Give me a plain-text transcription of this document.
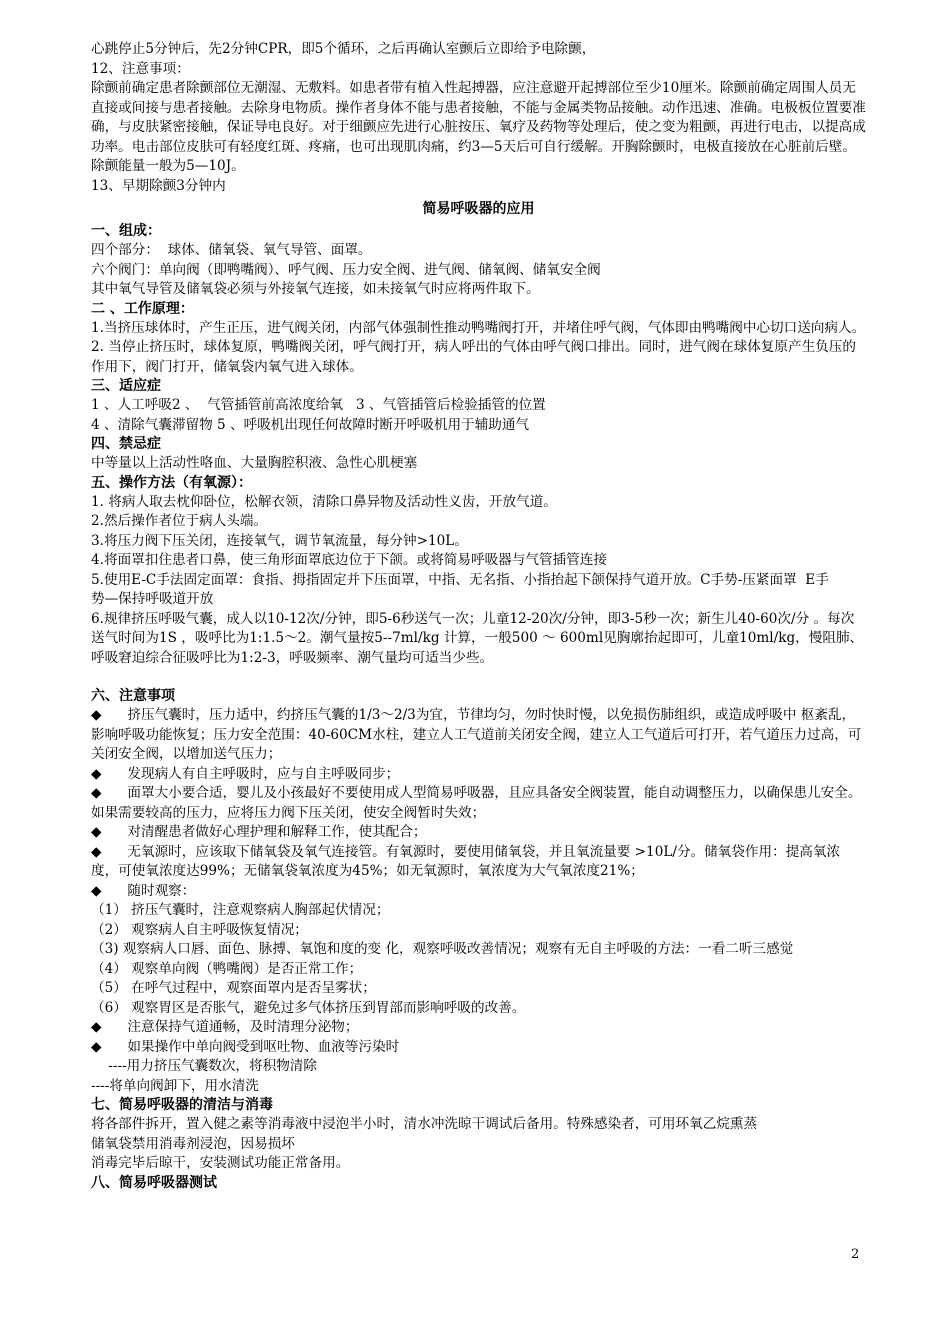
心跳停止5分钟后，先2分钟CPR，即5个循环，之后再确认室颤后立即给予电除颤，

12、注意事项：

除颤前确定患者除颤部位无潮湿、无敷料。如患者带有植入性起搏器，应注意避开起搏部位至少10厘米。除颤前确定周围人员无直接或间接与患者接触。去除身电物质。操作者身体不能与患者接触，不能与金属类物品接触。动作迅速、准确。电极板位置要准确，与皮肤紧密接触，保证导电良好。对于细颤应先进行心脏按压、氧疗及药物等处理后，使之变为粗颤，再进行电击，以提高成功率。电击部位皮肤可有轻度红斑、疼痛，也可出现肌肉痛，约3—5天后可自行缓解。开胸除颤时，电极直接放在心脏前后壁。除颤能量一般为5—10J。

13、早期除颤3分钟内

简易呼吸器的应用
一、组成：

四个部分：  球体、储氧袋、氧气导管、面罩。

六个阀门：单向阀（即鸭嘴阀）、呼气阀、压力安全阀、进气阀、储氧阀、储氧安全阀

其中氧气导管及储氧袋必须与外接氧气连接，如未接氧气时应将两件取下。

二 、工作原理：

1.当挤压球体时，产生正压，进气阀关闭，内部气体强制性推动鸭嘴阀打开，并堵住呼气阀，气体即由鸭嘴阀中心切口送向病人。

2. 当停止挤压时，球体复原，鸭嘴阀关闭，呼气阀打开，病人呼出的气体由呼气阀口排出。同时，进气阀在球体复原产生负压的作用下，阀门打开，储氧袋内氧气进入球体。

三、适应症

1 、人工呼吸2 、  气管插管前高浓度给氧   3 、气管插管后检验插管的位置

4 、清除气囊滞留物 5 、呼吸机出现任何故障时断开呼吸机用于辅助通气

四、禁忌症

中等量以上活动性咯血、大量胸腔积液、急性心肌梗塞

五、操作方法（有氧源）：

1. 将病人取去枕仰卧位，松解衣领，清除口鼻异物及活动性义齿，开放气道。

2.然后操作者位于病人头端。

3.将压力阀下压关闭，连接氧气，调节氧流量，每分钟>10L。

4.将面罩扣住患者口鼻，使三角形面罩底边位于下颌。或将简易呼吸器与气管插管连接

5.使用E-C手法固定面罩：食指、拇指固定并下压面罩，中指、无名指、小指抬起下颌保持气道开放。C手势-压紧面罩  E手       势—保持呼吸道开放

6.规律挤压呼吸气囊，成人以10-12次/分钟，即5-6秒送气一次；儿童12-20次/分钟，即3-5秒一次；新生儿40-60次/分 。每次送气时间为1S ，吸呼比为1:1.5～2。潮气量按5--7ml/kg 计算，一般500 ～ 600ml见胸廓抬起即可，儿童10ml/kg，慢阻肺、呼吸窘迫综合征吸呼比为1:2-3，呼吸频率、潮气量均可适当少些。

六、注意事项

◆      挤压气囊时，压力适中，约挤压气囊的1/3～2/3为宜，节律均匀，勿时快时慢，以免损伤肺组织，或造成呼吸中 枢紊乱，影响呼吸功能恢复；压力安全范围：40-60CM水柱，建立人工气道前关闭安全阀，建立人工气道后可打开，若气道压力过高，可关闭安全阀，以增加送气压力；

◆      发现病人有自主呼吸时，应与自主呼吸同步；

◆      面罩大小要合适，婴儿及小孩最好不要使用成人型简易呼吸器，且应具备安全阀装置，能自动调整压力，以确保患儿安全。如果需要较高的压力，应将压力阀下压关闭，使安全阀暂时失效；

◆      对清醒患者做好心理护理和解释工作，使其配合；

◆      无氧源时，应该取下储氧袋及氧气连接管。有氧源时，要使用储氧袋，并且氧流量要 >10L/分。储氧袋作用：提高氧浓度，可使氧浓度达99%；无储氧袋氧浓度为45%；如无氧源时，氧浓度为大气氧浓度21%；

◆      随时观察：

（1） 挤压气囊时，注意观察病人胸部起伏情况；

（2） 观察病人自主呼吸恢复情况；

（3) 观察病人口唇、面色、脉搏、氧饱和度的变 化，观察呼吸改善情况；观察有无自主呼吸的方法：一看二听三感觉

（4） 观察单向阀（鸭嘴阀）是否正常工作；

（5） 在呼气过程中，观察面罩内是否呈雾状；

（6） 观察胃区是否胀气，避免过多气体挤压到胃部而影响呼吸的改善。

◆      注意保持气道通畅，及时清理分泌物；

◆      如果操作中单向阀受到呕吐物、血液等污染时

----用力挤压气囊数次，将积物清除

----将单向阀卸下，用水清洗

七、简易呼吸器的清洁与消毒

将各部件拆开，置入健之素等消毒液中浸泡半小时，清水冲洗晾干调试后备用。特殊感染者，可用环氧乙烷熏蒸

储氧袋禁用消毒剂浸泡，因易损坏

消毒完毕后晾干，安装测试功能正常备用。

八、简易呼吸器测试
2
